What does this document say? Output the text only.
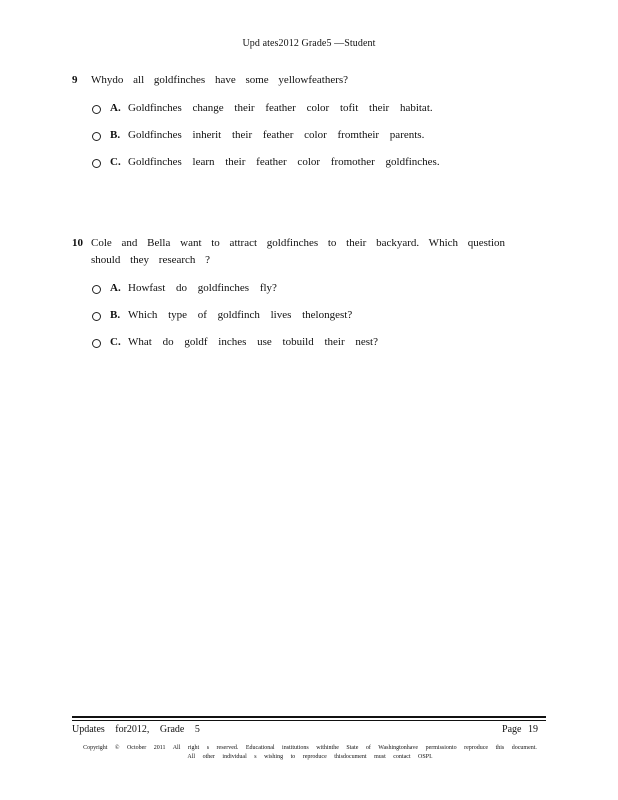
Upd ates2012 Grade5 —Student
9	Whydo all goldfinches have some yellowfeathers?
A. Goldfinches change their feather color tofit their habitat.
B. Goldfinches inherit their feather color fromtheir parents.
C. Goldfinches learn their feather color fromother goldfinches.
10 Cole and Bella want to attract goldfinches to their backyard. Which question should they research ?
A. Howfast do goldfinches fly?
B. Which type of goldfinch lives thelongest?
C. What do goldf inches use tobuild their nest?
Updates for2012, Grade 5	Page 19
Copyright © October 2011 All right s reserved. Educational institutions withinthe State of Washingtonhave permissionto reproduce this document. All other individual s wishing to reproduce thisdocument must contact OSPI.
